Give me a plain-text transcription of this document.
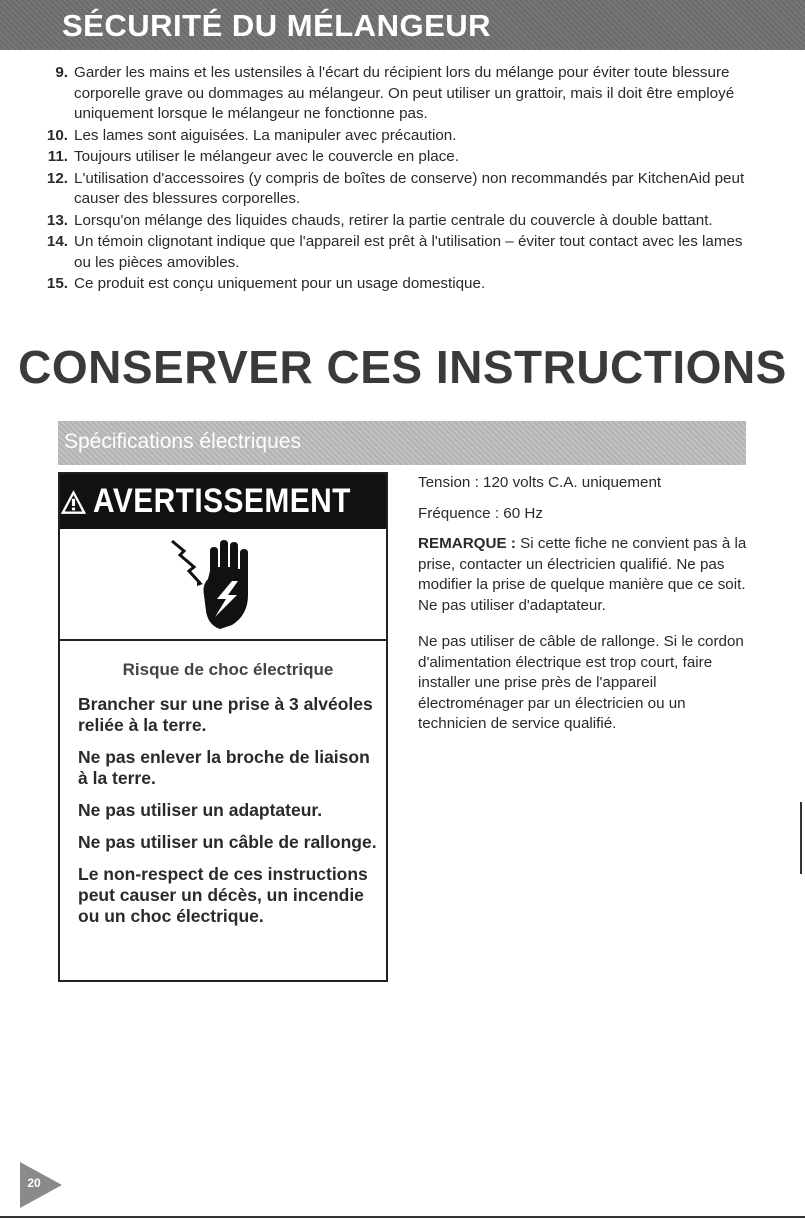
SÉCURITÉ DU MÉLANGEUR
9. Garder les mains et les ustensiles à l'écart du récipient lors du mélange pour éviter toute blessure corporelle grave ou dommages au mélangeur. On peut utiliser un grattoir, mais il doit être employé uniquement lorsque le mélangeur ne fonctionne pas.
10. Les lames sont aiguisées. La manipuler avec précaution.
11. Toujours utiliser le mélangeur avec le couvercle en place.
12. L'utilisation d'accessoires (y compris de boîtes de conserve) non recommandés par KitchenAid peut causer des blessures corporelles.
13. Lorsqu'on mélange des liquides chauds, retirer la partie centrale du couvercle à double battant.
14. Un témoin clignotant indique que l'appareil est prêt à l'utilisation – éviter tout contact avec les lames ou les pièces amovibles.
15. Ce produit est conçu uniquement pour un usage domestique.
CONSERVER CES INSTRUCTIONS
Spécifications électriques
AVERTISSEMENT
Risque de choc électrique
Brancher sur une prise à 3 alvéoles reliée à la terre.
Ne pas enlever la broche de liaison à la terre.
Ne pas utiliser un adaptateur.
Ne pas utiliser un câble de rallonge.
Le non-respect de ces instructions peut causer un décès, un incendie ou un choc électrique.

Tension : 120 volts C.A. uniquement

Fréquence : 60 Hz

REMARQUE : Si cette fiche ne convient pas à la prise, contacter un électricien qualifié. Ne pas modifier la prise de quelque manière que ce soit. Ne pas utiliser d'adaptateur.

Ne pas utiliser de câble de rallonge. Si le cordon d'alimentation électrique est trop court, faire installer une prise près de l'appareil électroménager par un électricien ou un technicien de service qualifié.

20
